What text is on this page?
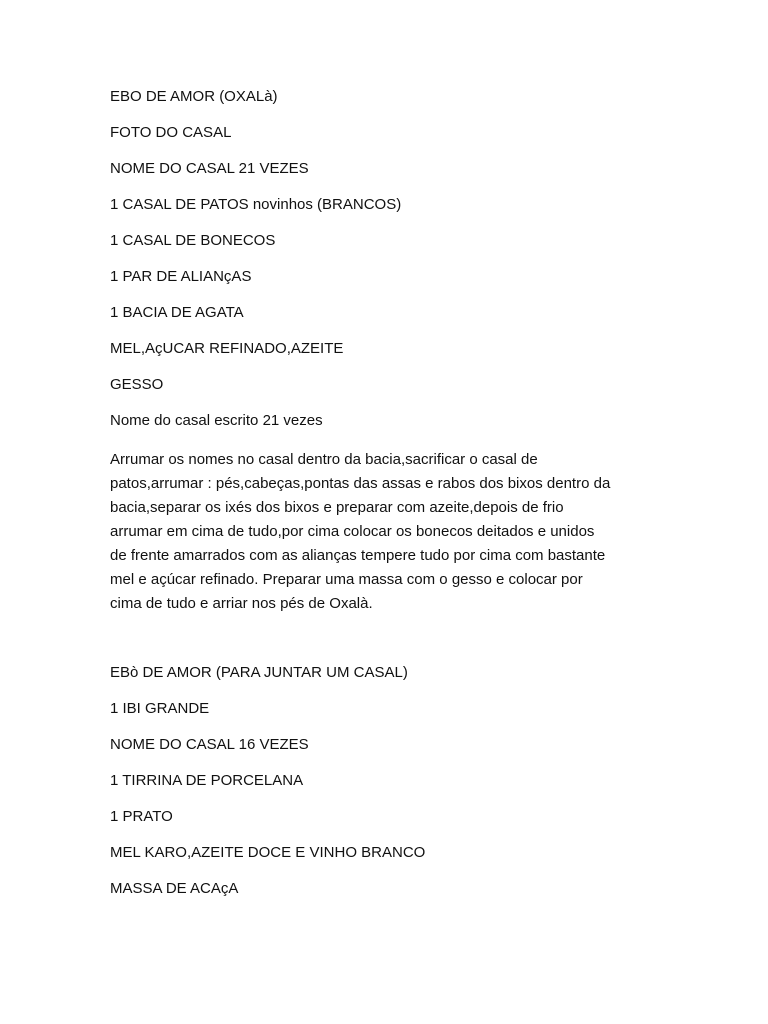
EBO DE AMOR (OXALà)
FOTO DO CASAL
NOME DO CASAL 21 VEZES
1 CASAL DE PATOS novinhos (BRANCOS)
1 CASAL DE BONECOS
1 PAR DE ALIANçAS
1 BACIA DE AGATA
MEL,AçUCAR REFINADO,AZEITE
GESSO
Nome do casal escrito 21 vezes
Arrumar os nomes no casal dentro da bacia,sacrificar o casal de
patos,arrumar : pés,cabeças,pontas das assas e rabos dos bixos dentro da
bacia,separar os ixés dos bixos e preparar com azeite,depois de frio
arrumar em cima de tudo,por cima colocar os bonecos deitados e unidos
de frente amarrados com as alianças tempere tudo por cima com bastante
mel e açúcar refinado. Preparar uma massa com o gesso e colocar por
cima de tudo e arriar nos pés de Oxalà.
EBò DE AMOR (PARA JUNTAR UM CASAL)
1 IBI GRANDE
NOME DO CASAL 16 VEZES
1 TIRRINA DE PORCELANA
1 PRATO
MEL KARO,AZEITE DOCE E VINHO BRANCO
MASSA DE ACAçA
